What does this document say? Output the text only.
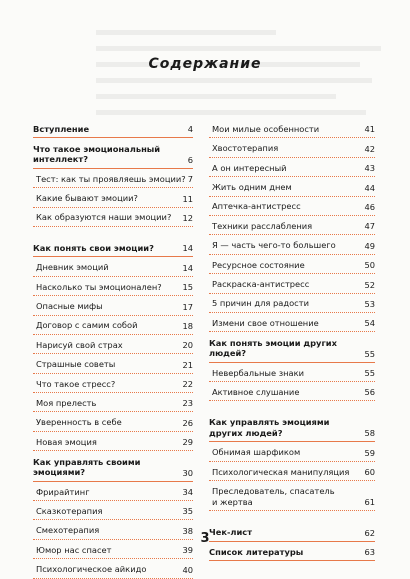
Содержание
Вступление	4
Что такое эмоциональный интеллект?	6
Тест: как ты проявляешь эмоции? 7
Какие бывают эмоции?	11
Как образуются наши эмоции? 12
Как понять свои эмоции?	14
Дневник эмоций	14
Насколько ты эмоционален?	15
Опасные мифы	17
Договор с самим собой	18
Нарисуй свой страх	20
Страшные советы	21
Что такое стресс?	22
Моя прелесть	23
Уверенность в себе	26
Новая эмоция	29
Как управлять своими эмоциями?	30
Фрирайтинг	34
Сказкотерапия	35
Смехотерапия	38
Юмор нас спасет	39
Психологическое айкидо	40
Мои милые особенности	41
Хвостотерапия	42
А он интересный	43
Жить одним днем	44
Аптечка-антистресс	46
Техники расслабления	47
Я — часть чего-то большего	49
Ресурсное состояние	50
Раскраска-антистресс	52
5 причин для радости	53
Измени свое отношение	54
Как понять эмоции других людей?	55
Невербальные знаки	55
Активное слушание	56
Как управлять эмоциями других людей?	58
Обнимая шарфиком	59
Психологическая манипуляция 60
Преследователь, спасатель и жертва	61
Чек-лист	62
Список литературы	63
3
